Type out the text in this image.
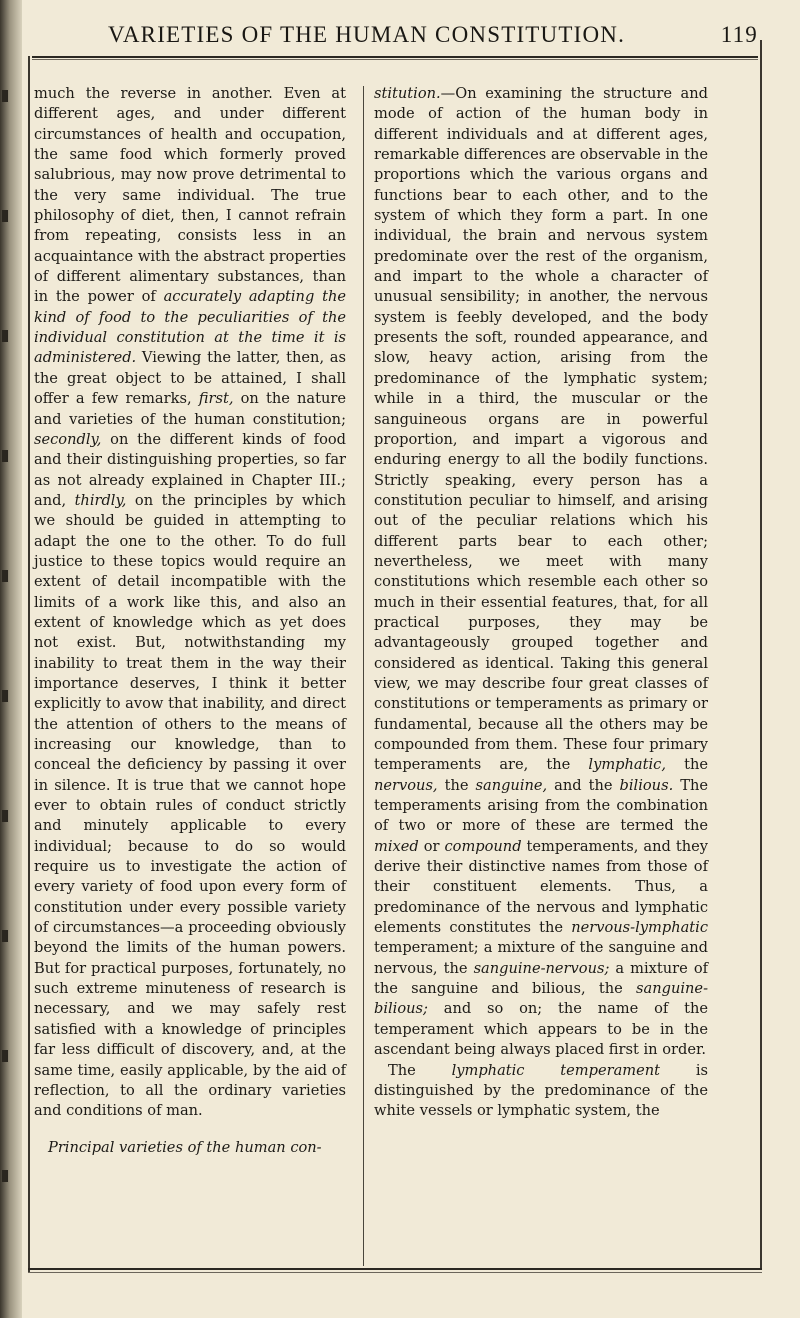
VARIETIES OF THE HUMAN CONSTITUTION.	119

much the reverse in another. Even at different ages, and under different circumstances of health and occupation, the same food which formerly proved salubrious, may now prove detrimental to the very same individual. The true philosophy of diet, then, I cannot refrain from repeating, consists less in an acquaintance with the abstract properties of different alimentary substances, than in the power of accurately adapting the kind of food to the peculiarities of the individual constitution at the time it is administered. Viewing the latter, then, as the great object to be attained, I shall offer a few remarks, first, on the nature and varieties of the human constitution; secondly, on the different kinds of food and their distinguishing properties, so far as not already explained in Chapter III.; and, thirdly, on the principles by which we should be guided in attempting to adapt the one to the other. To do full justice to these topics would require an extent of detail incompatible with the limits of a work like this, and also an extent of knowledge which as yet does not exist. But, notwithstanding my inability to treat them in the way their importance deserves, I think it better explicitly to avow that inability, and direct the attention of others to the means of increasing our knowledge, than to conceal the deficiency by passing it over in silence. It is true that we cannot hope ever to obtain rules of conduct strictly and minutely applicable to every individual; because to do so would require us to investigate the action of every variety of food upon every form of constitution under every possible variety of circumstances—a proceeding obviously beyond the limits of the human powers. But for practical purposes, fortunately, no such extreme minuteness of research is necessary, and we may safely rest satisfied with a knowledge of principles far less difficult of discovery, and, at the same time, easily applicable, by the aid of reflection, to all the ordinary varieties and conditions of man.

Principal varieties of the human con-

stitution.—On examining the structure and mode of action of the human body in different individuals and at different ages, remarkable differences are observable in the proportions which the various organs and functions bear to each other, and to the system of which they form a part. In one individual, the brain and nervous system predominate over the rest of the organism, and impart to the whole a character of unusual sensibility; in another, the nervous system is feebly developed, and the body presents the soft, rounded appearance, and slow, heavy action, arising from the predominance of the lymphatic system; while in a third, the muscular or the sanguineous organs are in powerful proportion, and impart a vigorous and enduring energy to all the bodily functions. Strictly speaking, every person has a constitution peculiar to himself, and arising out of the peculiar relations which his different parts bear to each other; nevertheless, we meet with many constitutions which resemble each other so much in their essential features, that, for all practical purposes, they may be advantageously grouped together and considered as identical. Taking this general view, we may describe four great classes of constitutions or temperaments as primary or fundamental, because all the others may be compounded from them. These four primary temperaments are, the lymphatic, the nervous, the sanguine, and the bilious. The temperaments arising from the combination of two or more of these are termed the mixed or compound temperaments, and they derive their distinctive names from those of their constituent elements. Thus, a predominance of the nervous and lymphatic elements constitutes the nervous-lymphatic temperament; a mixture of the sanguine and nervous, the sanguine-nervous; a mixture of the sanguine and bilious, the sanguine-bilious; and so on; the name of the temperament which appears to be in the ascendant being always placed first in order.

The lymphatic temperament is distinguished by the predominance of the white vessels or lymphatic system, the
